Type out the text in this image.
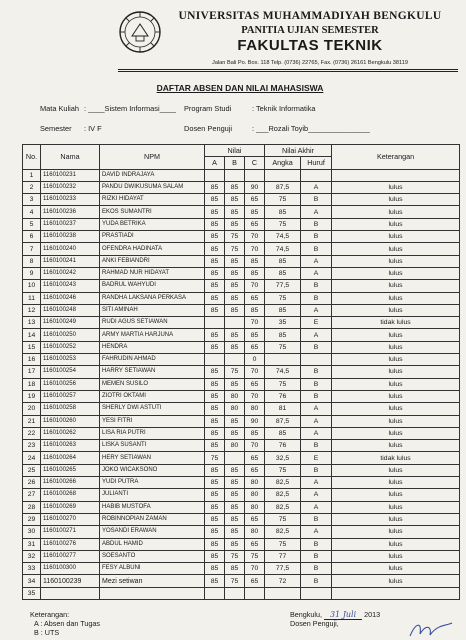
UNIVERSITAS MUHAMMADIYAH BENGKULU
PANITIA UJIAN SEMESTER
FAKULTAS TEKNIK
Jalan Bali Po. Box. 118 Telp. (0736) 22765, Fax. (0736) 26161 Bengkulu 38119
DAFTAR ABSEN DAN NILAI MAHASISWA
Mata Kuliah : ____Sistem Informasi____ Program Studi	: Teknik Informatika
Semester : IV F	Dosen Penguji	: ___Rozali Toyib_______________
No.	Nama	NPM	Nilai			Nilai Akhir		Keterangan
			A	B	C	Angka	Huruf	
1	1160100231	DAVID INDRAJAYA						
2	1160100232	PANDU DWIKUSUMA SALAM	85	85	90	87,5	A	lulus
3	1160100233	RIZKI HIDAYAT	85	85	65	75	B	lulus
4	1160100236	EKOS SUMANTRI	85	85	85	85	A	lulus
5	1160100237	YUDA BETRIKA	85	85	65	75	B	lulus
6	1160100238	PRASTIADI	85	75	70	74,5	B	lulus
7	1160100240	OFENDRA HADINATA	85	75	70	74,5	B	lulus
8	1160100241	ANKI FEBIANDRI	85	85	85	85	A	lulus
9	1160100242	RAHMAD NUR HIDAYAT	85	85	85	85	A	lulus
10	1160100243	BADRUL WAHYUDI	85	85	70	77,5	B	lulus
11	1160100246	RANDHA LAKSANA PERKASA	85	85	65	75	B	lulus
12	1160100248	SITI AMINAH	85	85	85	85	A	lulus
13	1160100249	RUDI AGUS SETIAWAN			70	35	E	tidak lulus
14	1160100250	ARMY MARTIA HARJUNA	85	85	85	85	A	lulus
15	1160100252	HENDRA	85	85	65	75	B	lulus
16	1160100253	FAHRUDIN AHMAD			0			lulus
17	1160100254	HARRY SETIAWAN	85	75	70	74,5	B	lulus
18	1160100256	MEMEN SUSILO	85	85	65	75	B	lulus
19	1160100257	ZIOTRI OKTAMI	85	80	70	76	B	lulus
20	1160100258	SHERLY DWI ASTUTI	85	80	80	81	A	lulus
21	1160100260	YESI FITRI	85	85	90	87,5	A	lulus
22	1160100262	LISA RIA PUTRI	85	85	85	85	A	lulus
23	1160100263	LISKA SUSANTI	85	80	70	76	B	lulus
24	1160100264	HERY SETIAWAN	75		65	32,5	E	tidak lulus
25	1160100265	JOKO WICAKSONO	85	85	65	75	B	lulus
26	1160100266	YUDI PUTRA	85	85	80	82,5	A	lulus
27	1160100268	JULIANTI	85	85	80	82,5	A	lulus
28	1160100269	HABIB MUSTOFA	85	85	80	82,5	A	lulus
29	1160100270	ROBINNOPIAN ZAMAN	85	85	65	75	B	lulus
30	1160100271	YOSANDI ERAWAN	85	85	80	82,5	A	lulus
31	1160100276	ABDUL HAMID	85	85	65	75	B	lulus
32	1160100277	SOESANTO	85	75	75	77	B	lulus
33	1160100300	FESY ALBUNI	85	85	70	77,5	B	lulus
34	1160100239	Mezi setiwan	85	75	65	72	B	lulus
35								
Keterangan:
A : Absen dan Tugas
B : UTS
Bengkulu, 31 Juli 2013
Dosen Penguji,
